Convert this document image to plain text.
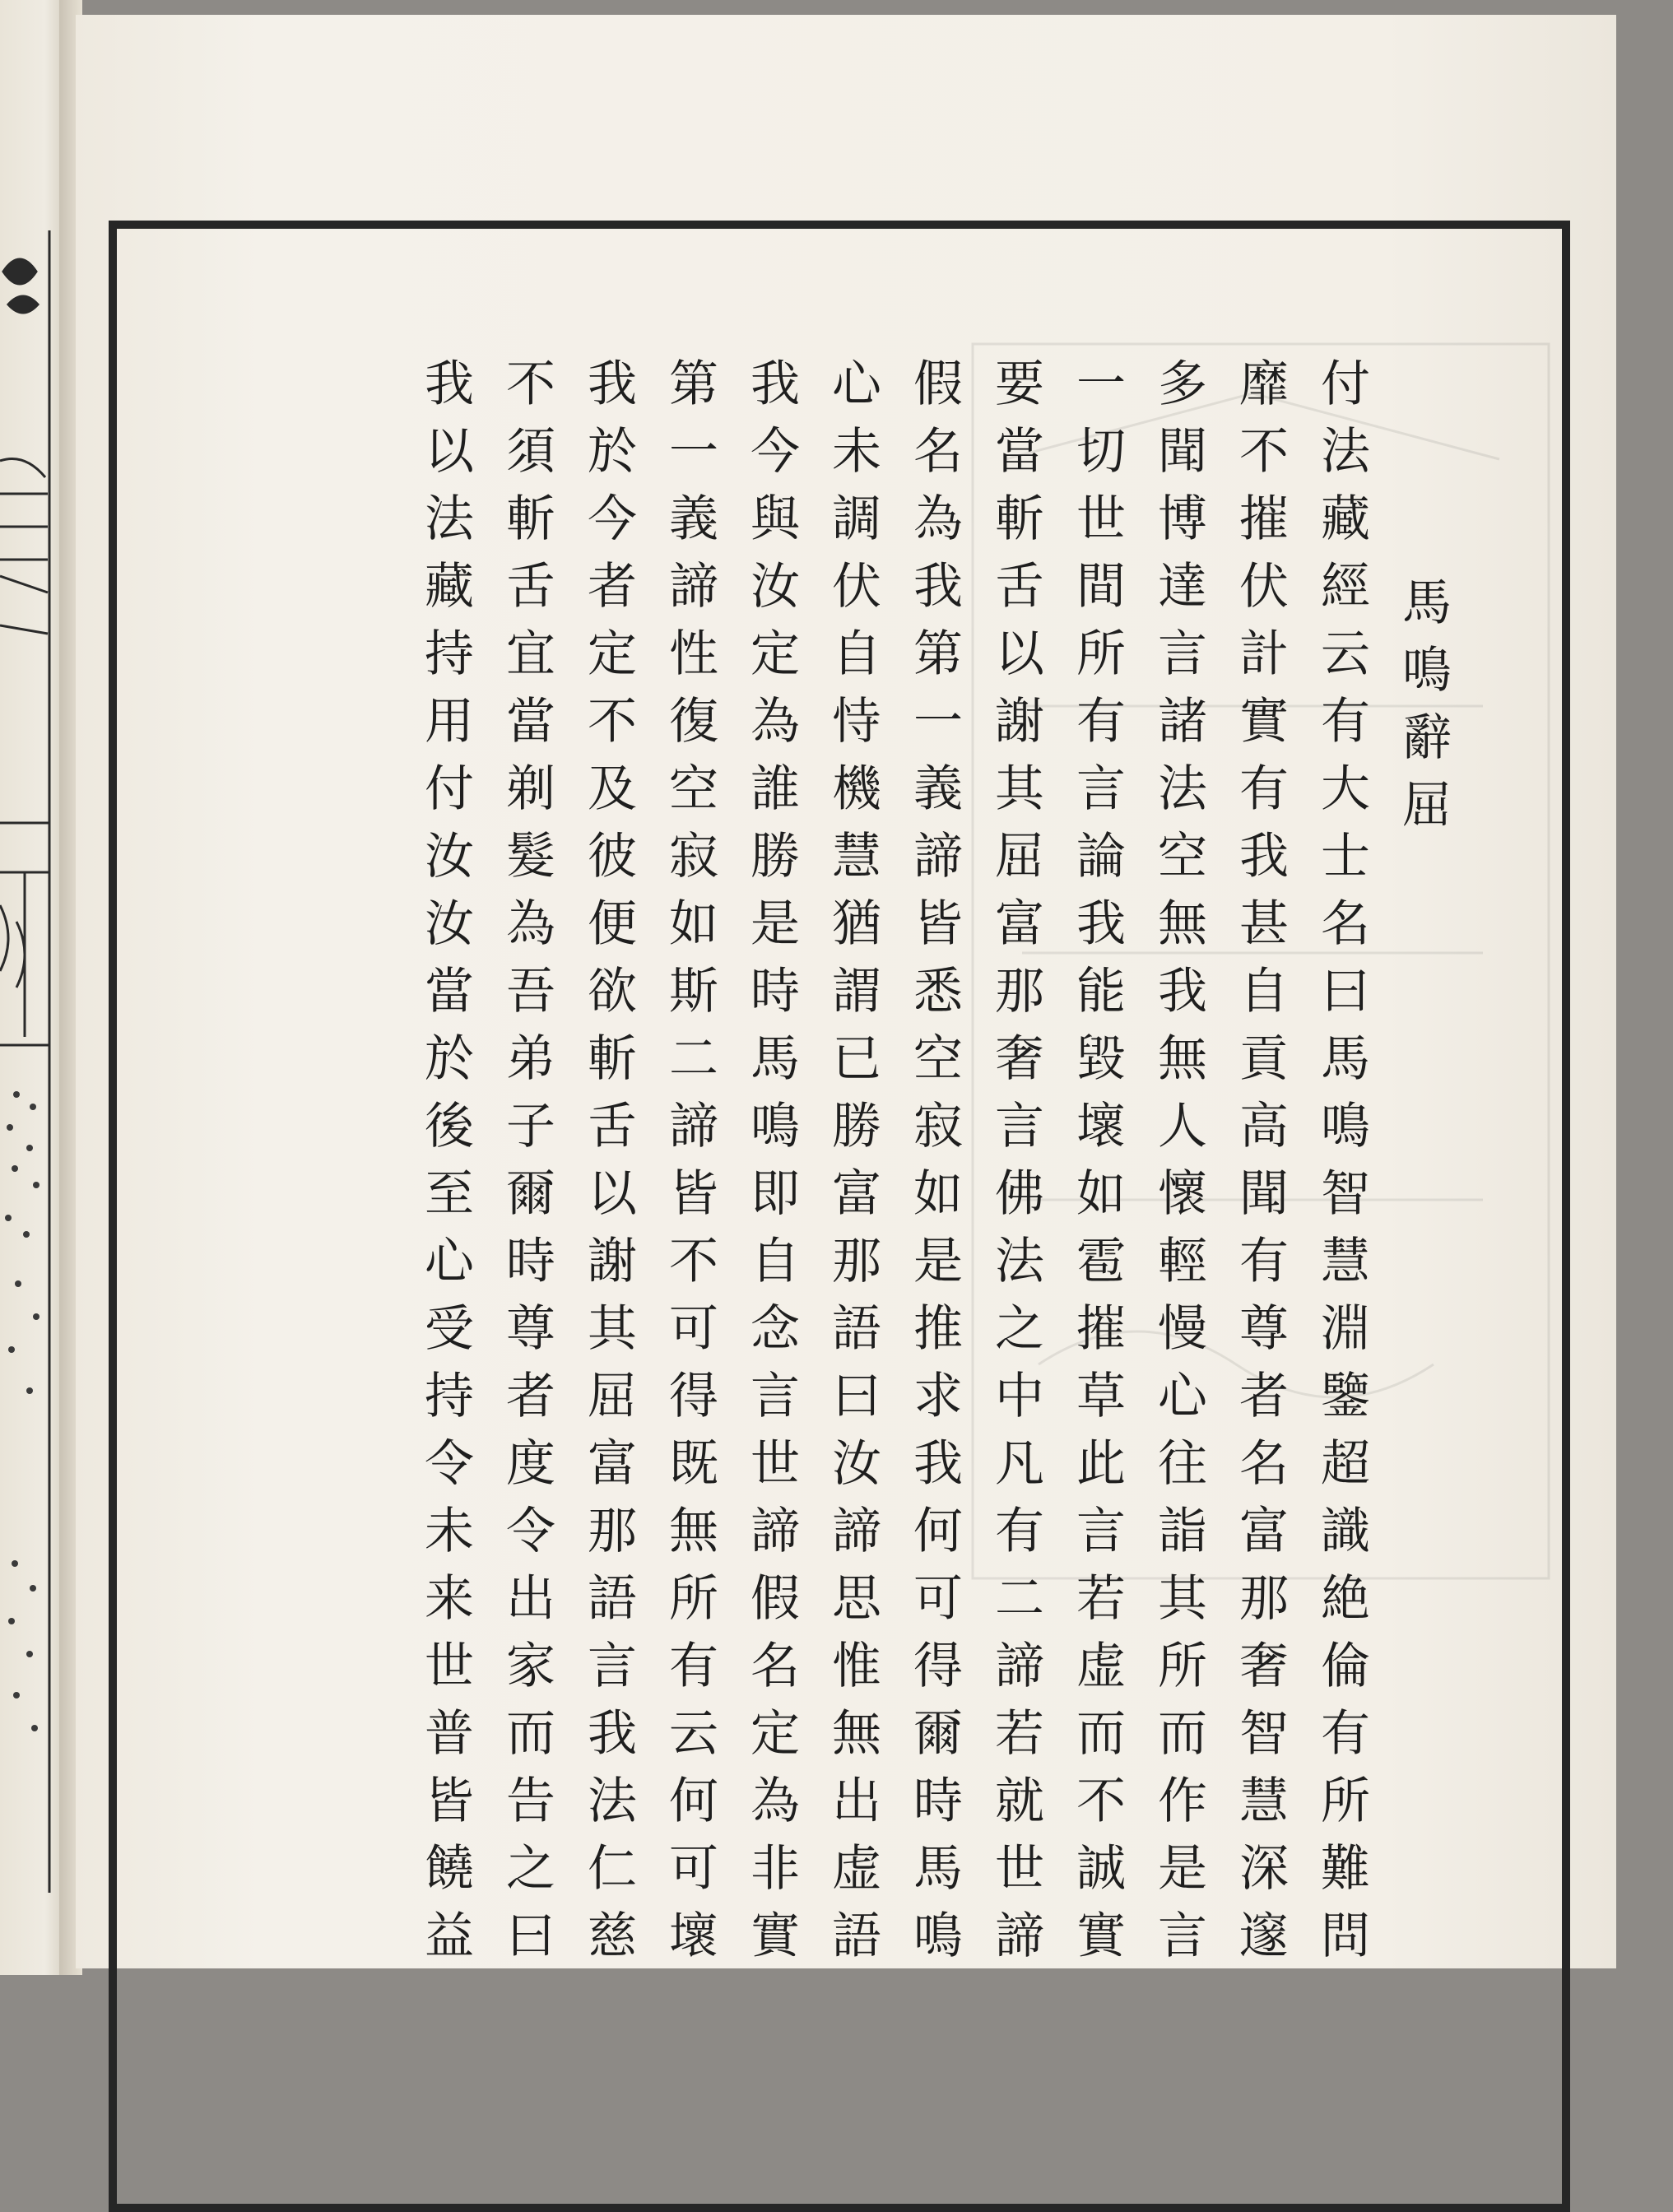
馬鳴辭屈
付法藏經云有大士名曰馬鳴智慧淵鑒超識絶倫有所難問
靡不摧伏計實有我甚自貢高聞有尊者名富那奢智慧深邃
多聞博達言諸法空無我無人懷輕慢心往詣其所而作是言
一切世間所有言論我能毀壞如雹摧草此言若虚而不誠實
要當斬舌以謝其屈富那奢言佛法之中凡有二諦若就世諦
假名為我第一義諦皆悉空寂如是推求我何可得爾時馬鳴
心未調伏自恃機慧猶謂已勝富那語曰汝諦思惟無出虚語
我今與汝定為誰勝是時馬鳴即自念言世諦假名定為非實
第一義諦性復空寂如斯二諦皆不可得既無所有云何可壞
我於今者定不及彼便欲斬舌以謝其屈富那語言我法仁慈
不須斬舌宜當剃髮為吾弟子爾時尊者度令出家而告之曰
我以法藏持用付汝汝當於後至心受持令未来世普皆饒益
